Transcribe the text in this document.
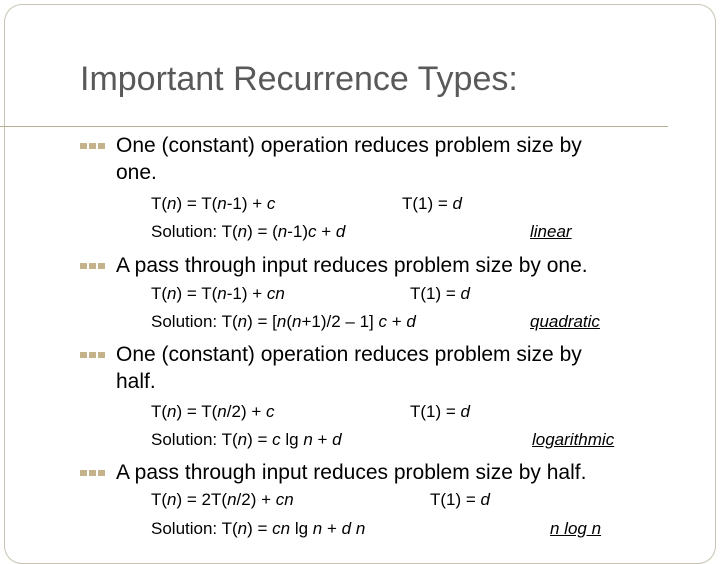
Important Recurrence Types:
One (constant) operation reduces problem size by
one.
T(n) = T(n-1) + c	T(1) = d
Solution: T(n) = (n-1)c + d	linear
A pass through input reduces problem size by one.
T(n) = T(n-1) + cn	T(1) = d
Solution: T(n) = [n(n+1)/2 – 1] c + d	quadratic
One (constant) operation reduces problem size by
half.
T(n) = T(n/2) + c	T(1) = d
Solution: T(n) = c lg n + d	logarithmic
A pass through input reduces problem size by half.
T(n) = 2T(n/2) + cn	T(1) = d
Solution: T(n) = cn lg n + d n	n log n
